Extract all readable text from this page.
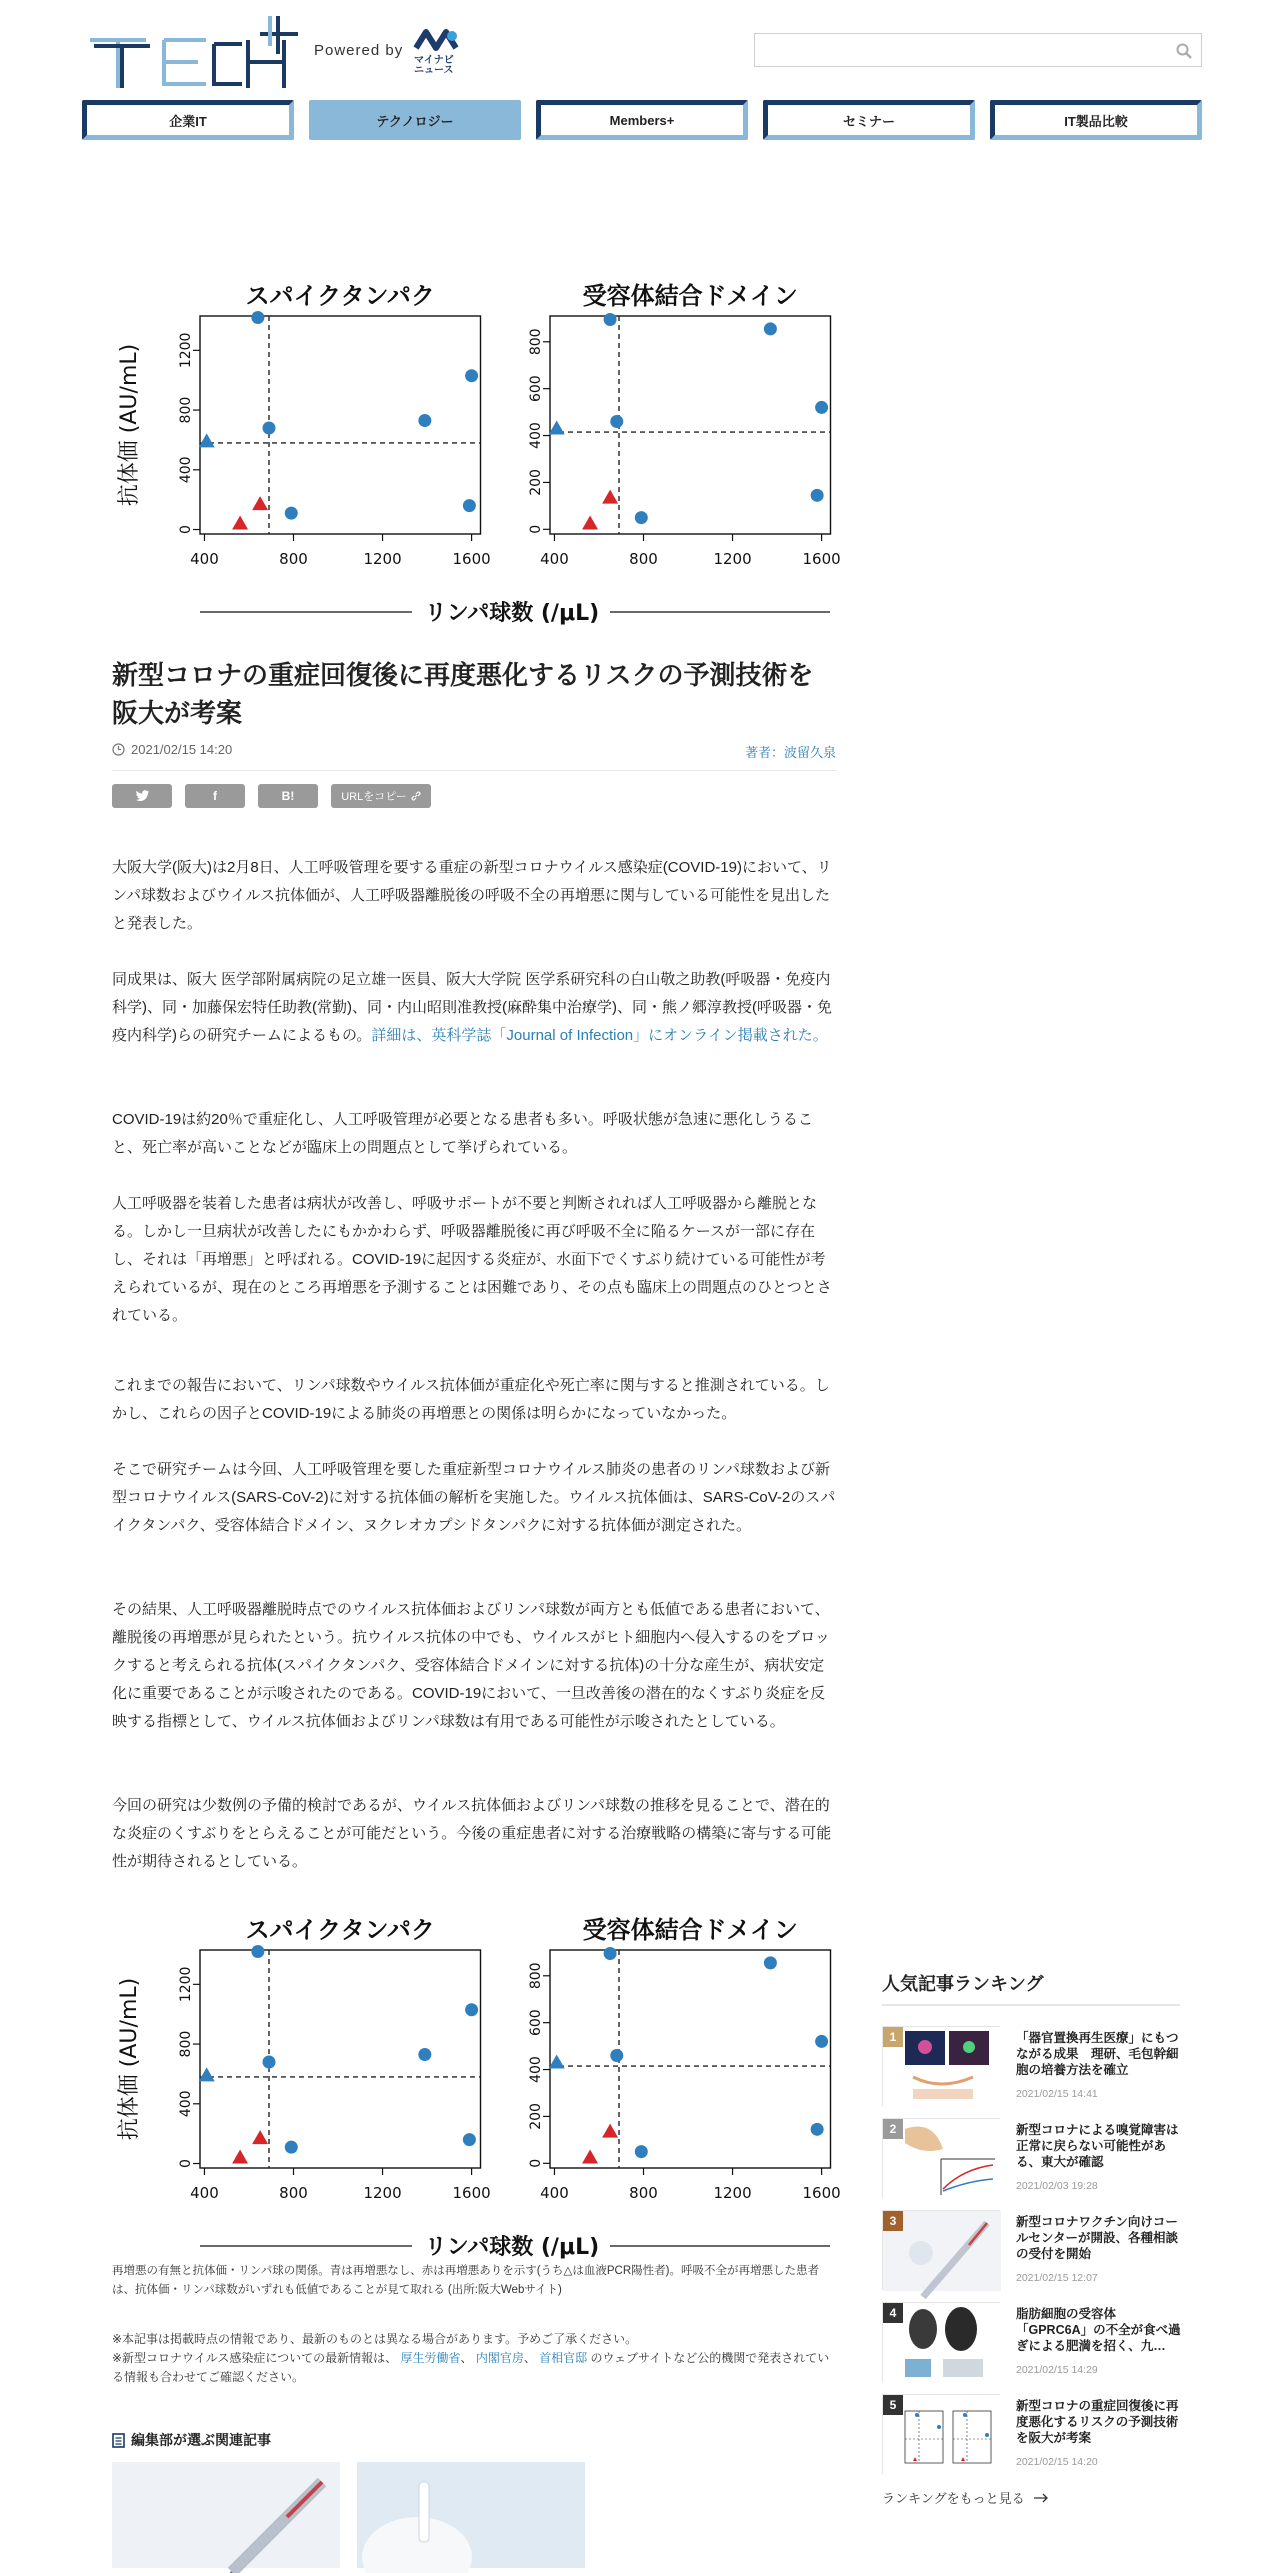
Powered by
マイナビ ニュース
企業IT	テクノロジー	Members+	セミナー	IT製品比較
スパイクタンパク
400	800	1200	1600
0
400
800
1200
受容体結合ドメイン
400	800	1200	1600
0
200
400
600
800
抗体価 (AU/mL)
リンパ球数 (/μL)
新型コロナの重症回復後に再度悪化するリスクの予測技術を阪大が考案
2021/02/15 14:20	著者：波留久泉
f	B!	URLをコピー

大阪大学(阪大)は2月8日、人工呼吸管理を要する重症の新型コロナウイルス感染症(COVID-19)において、リンパ球数およびウイルス抗体価が、人工呼吸器離脱後の呼吸不全の再増悪に関与している可能性を見出したと発表した。

同成果は、阪大 医学部附属病院の足立雄一医員、阪大大学院 医学系研究科の白山敬之助教(呼吸器・免疫内科学)、同・加藤保宏特任助教(常勤)、同・内山昭則准教授(麻酔集中治療学)、同・熊ノ郷淳教授(呼吸器・免疫内科学)らの研究チームによるもの。詳細は、英科学誌「Journal of Infection」にオンライン掲載された。

COVID-19は約20％で重症化し、人工呼吸管理が必要となる患者も多い。呼吸状態が急速に悪化しうること、死亡率が高いことなどが臨床上の問題点として挙げられている。

人工呼吸器を装着した患者は病状が改善し、呼吸サポートが不要と判断されれば人工呼吸器から離脱となる。しかし一旦病状が改善したにもかかわらず、呼吸器離脱後に再び呼吸不全に陥るケースが一部に存在し、それは「再増悪」と呼ばれる。COVID-19に起因する炎症が、水面下でくすぶり続けている可能性が考えられているが、現在のところ再増悪を予測することは困難であり、その点も臨床上の問題点のひとつとされている。

これまでの報告において、リンパ球数やウイルス抗体価が重症化や死亡率に関与すると推測されている。しかし、これらの因子とCOVID-19による肺炎の再増悪との関係は明らかになっていなかった。

そこで研究チームは今回、人工呼吸管理を要した重症新型コロナウイルス肺炎の患者のリンパ球数および新型コロナウイルス(SARS-CoV-2)に対する抗体価の解析を実施した。ウイルス抗体価は、SARS-CoV-2のスパイクタンパク、受容体結合ドメイン、ヌクレオカプシドタンパクに対する抗体価が測定された。

その結果、人工呼吸器離脱時点でのウイルス抗体価およびリンパ球数が両方とも低値である患者において、離脱後の再増悪が見られたという。抗ウイルス抗体の中でも、ウイルスがヒト細胞内へ侵入するのをブロックすると考えられる抗体(スパイクタンパク、受容体結合ドメインに対する抗体)の十分な産生が、病状安定化に重要であることが示唆されたのである。COVID-19において、一旦改善後の潜在的なくすぶり炎症を反映する指標として、ウイルス抗体価およびリンパ球数は有用である可能性が示唆されたとしている。

今回の研究は少数例の予備的検討であるが、ウイルス抗体価およびリンパ球数の推移を見ることで、潜在的な炎症のくすぶりをとらえることが可能だという。今後の重症患者に対する治療戦略の構築に寄与する可能性が期待されるとしている。

スパイクタンパク
400	800	1200	1600
0
400
800
1200
受容体結合ドメイン
400	800	1200	1600
0
200
400
600
800
抗体価 (AU/mL)
リンパ球数 (/μL)

再増悪の有無と抗体価・リンパ球の関係。青は再増悪なし、赤は再増悪ありを示す(うち△は血液PCR陽性者)。呼吸不全が再増悪した患者は、抗体価・リンパ球数がいずれも低値であることが見て取れる (出所:阪大Webサイト)

※本記事は掲載時点の情報であり、最新のものとは異なる場合があります。予めご了承ください。
※新型コロナウイルス感染症についての最新情報は、 厚生労働省、 内閣官房、 首相官邸 のウェブサイトなど公的機関で発表されている情報も合わせてご確認ください。
編集部が選ぶ関連記事
人気記事ランキング
1	「器官置換再生医療」にもつながる成果　理研、毛包幹細胞の培養方法を確立
2021/02/15 14:41
2	新型コロナによる嗅覚障害は正常に戻らない可能性がある、東大が確認
2021/02/03 19:28
3	新型コロナワクチン向けコールセンターが開設、各種相談の受付を開始
2021/02/15 12:07
4	脂肪細胞の受容体「GPRC6A」の不全が食べ過ぎによる肥満を招く、九…
2021/02/15 14:29
5	新型コロナの重症回復後に再度悪化するリスクの予測技術を阪大が考案
2021/02/15 14:20
ランキングをもっと見る
